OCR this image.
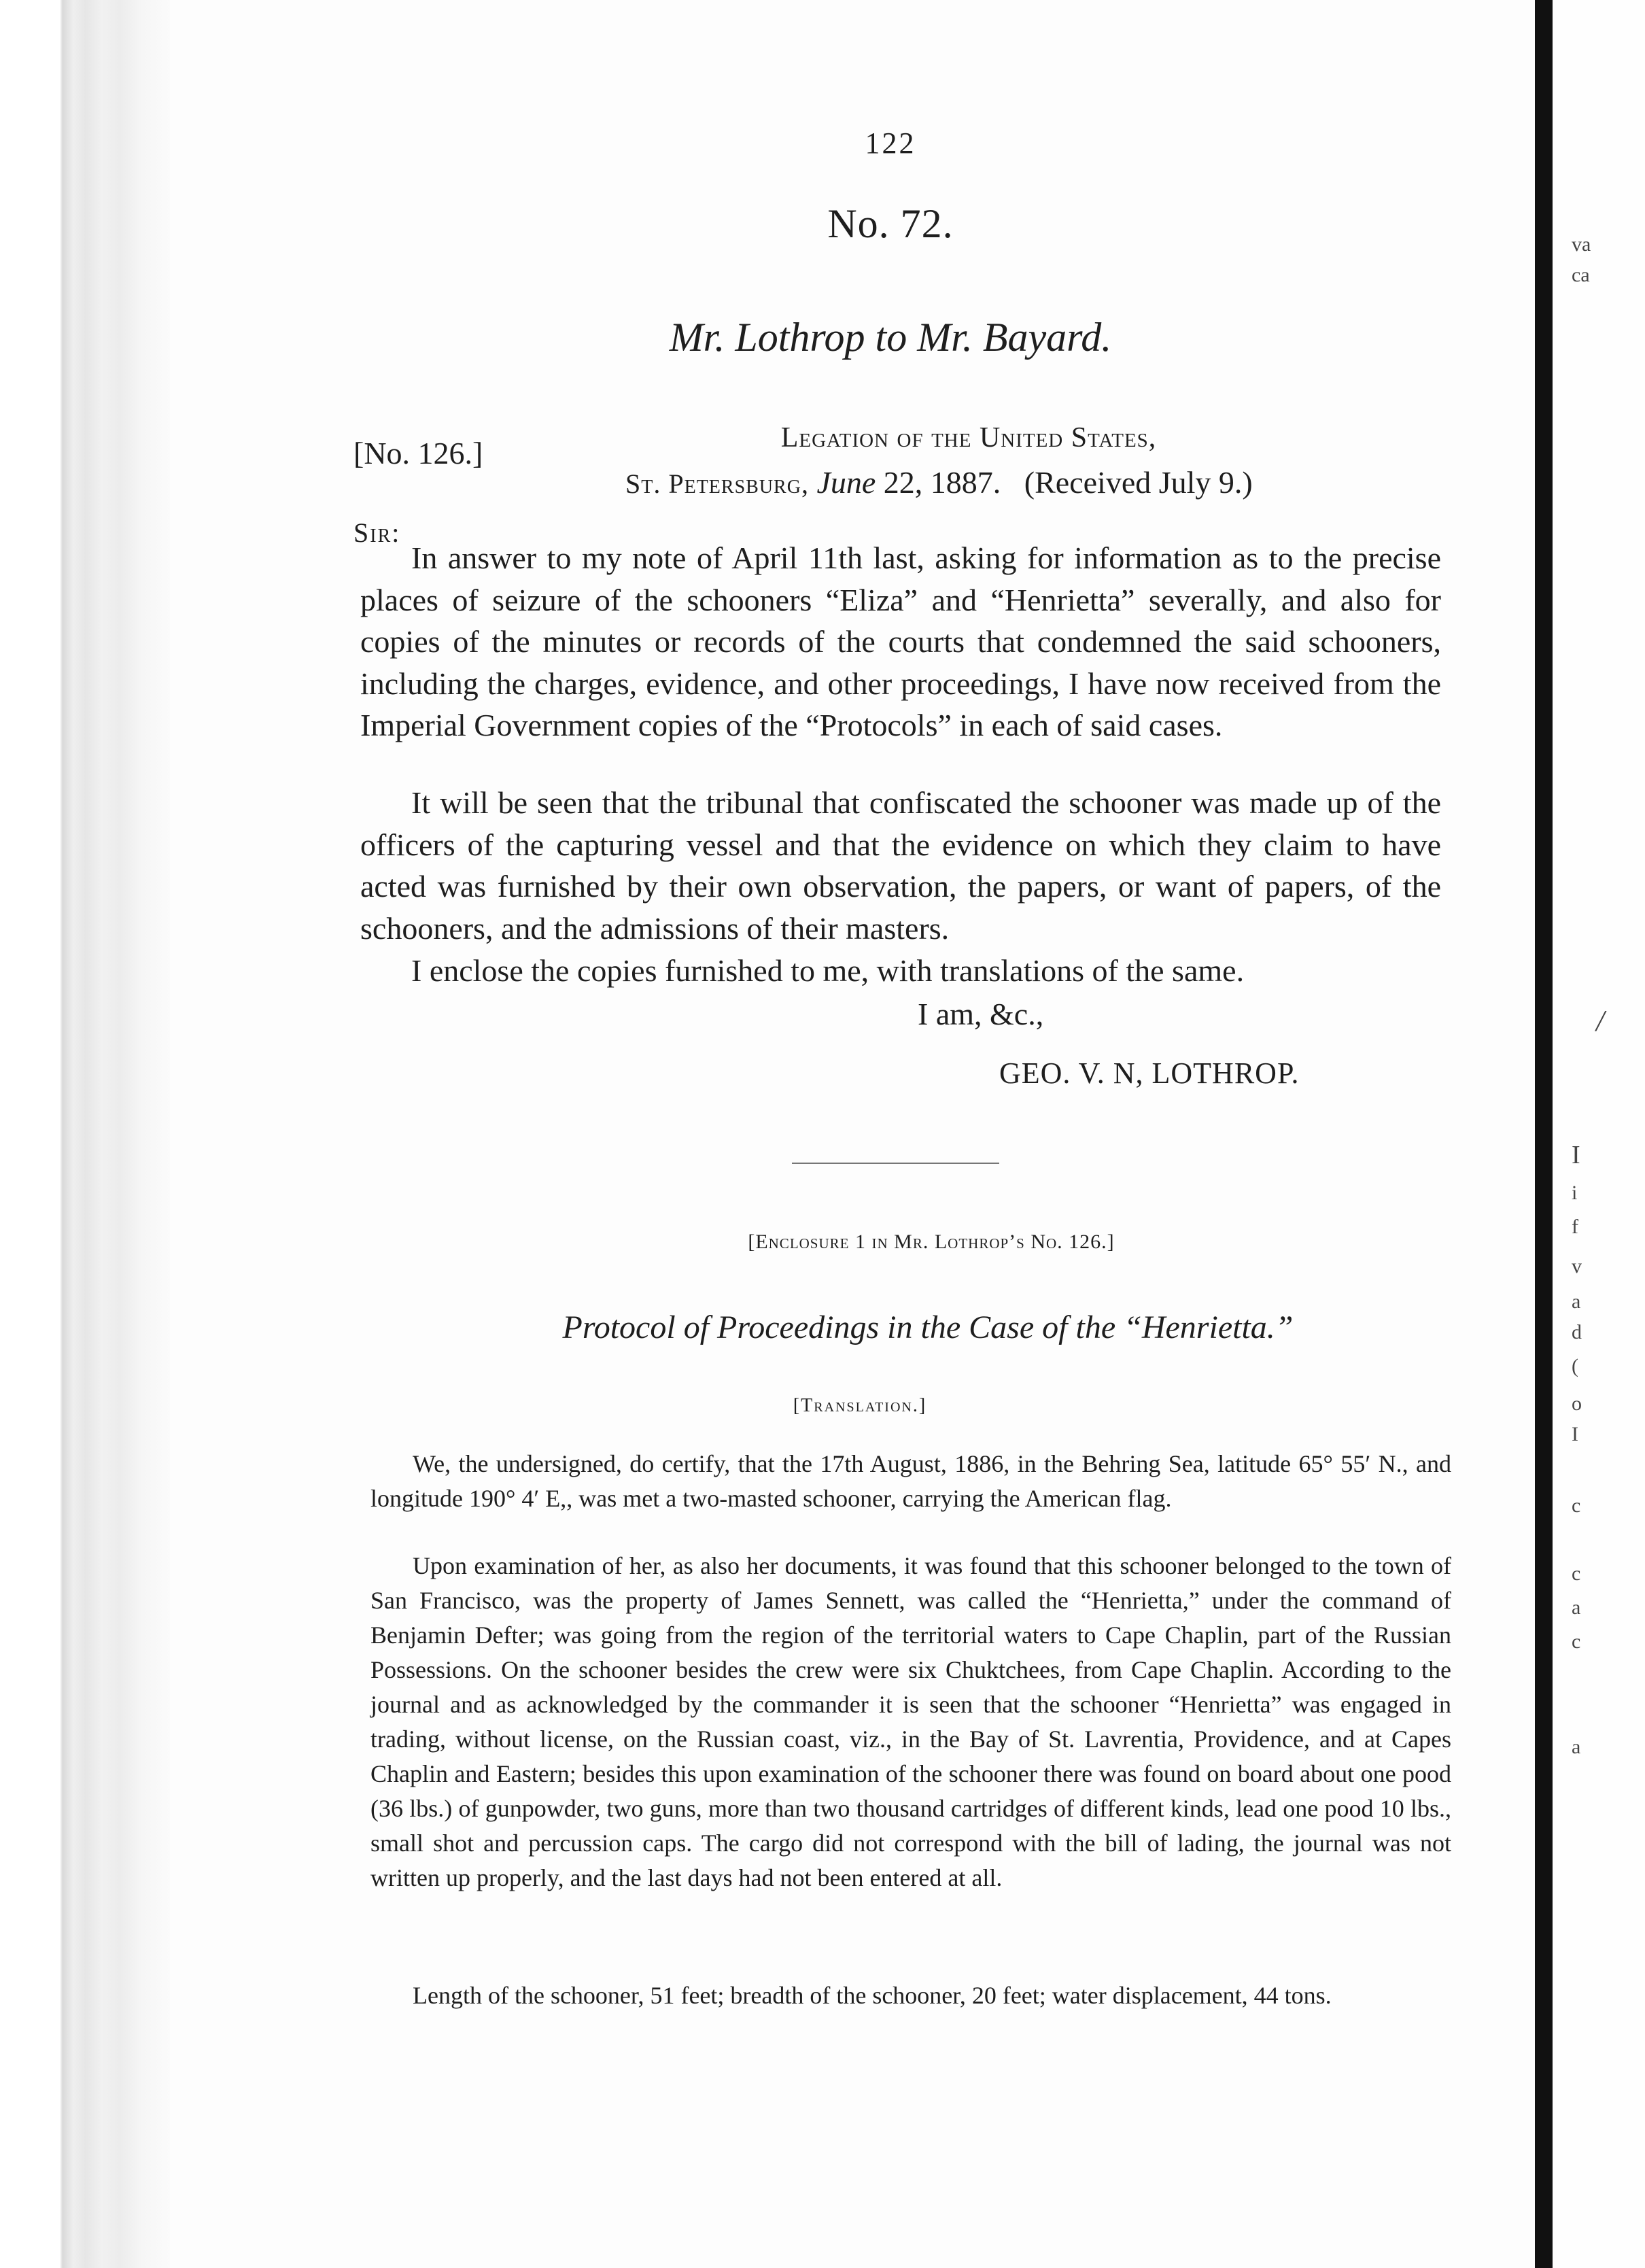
va
ca
/
I
i
f
v
a
d
(
o
I
c
c
a
c
a
122
No. 72.
Mr. Lothrop to Mr. Bayard.
[No. 126.]	Legation of the United States,
St. Petersburg, June 22, 1887. (Received July 9.)
Sir:

In answer to my note of April 11th last, asking for information as to the precise places of seizure of the schooners “Eliza” and “Henrietta” severally, and also for copies of the minutes or records of the courts that condemned the said schooners, including the charges, evidence, and other proceedings, I have now received from the Imperial Government copies of the “Protocols” in each of said cases.

It will be seen that the tribunal that confiscated the schooner was made up of the officers of the capturing vessel and that the evidence on which they claim to have acted was furnished by their own observation, the papers, or want of papers, of the schooners, and the admissions of their masters.

I enclose the copies furnished to me, with translations of the same.

I am, &c.,
GEO. V. N, LOTHROP.
[Enclosure 1 in Mr. Lothrop’s No. 126.]
Protocol of Proceedings in the Case of the “Henrietta.”
[Translation.]

We, the undersigned, do certify, that the 17th August, 1886, in the Behring Sea, latitude 65° 55′ N., and longitude 190° 4′ E,, was met a two-masted schooner, carrying the American flag.

Upon examination of her, as also her documents, it was found that this schooner belonged to the town of San Francisco, was the property of James Sennett, was called the “Henrietta,” under the command of Benjamin Defter; was going from the region of the territorial waters to Cape Chaplin, part of the Russian Possessions. On the schooner besides the crew were six Chuktchees, from Cape Chaplin. According to the journal and as acknowledged by the commander it is seen that the schooner “Henrietta” was engaged in trading, without license, on the Russian coast, viz., in the Bay of St. Lavrentia, Providence, and at Capes Chaplin and Eastern; besides this upon examination of the schooner there was found on board about one pood (36 lbs.) of gunpowder, two guns, more than two thousand cartridges of different kinds, lead one pood 10 lbs., small shot and percussion caps. The cargo did not correspond with the bill of lading, the journal was not written up properly, and the last days had not been entered at all.

Length of the schooner, 51 feet; breadth of the schooner, 20 feet; water displacement, 44 tons.
